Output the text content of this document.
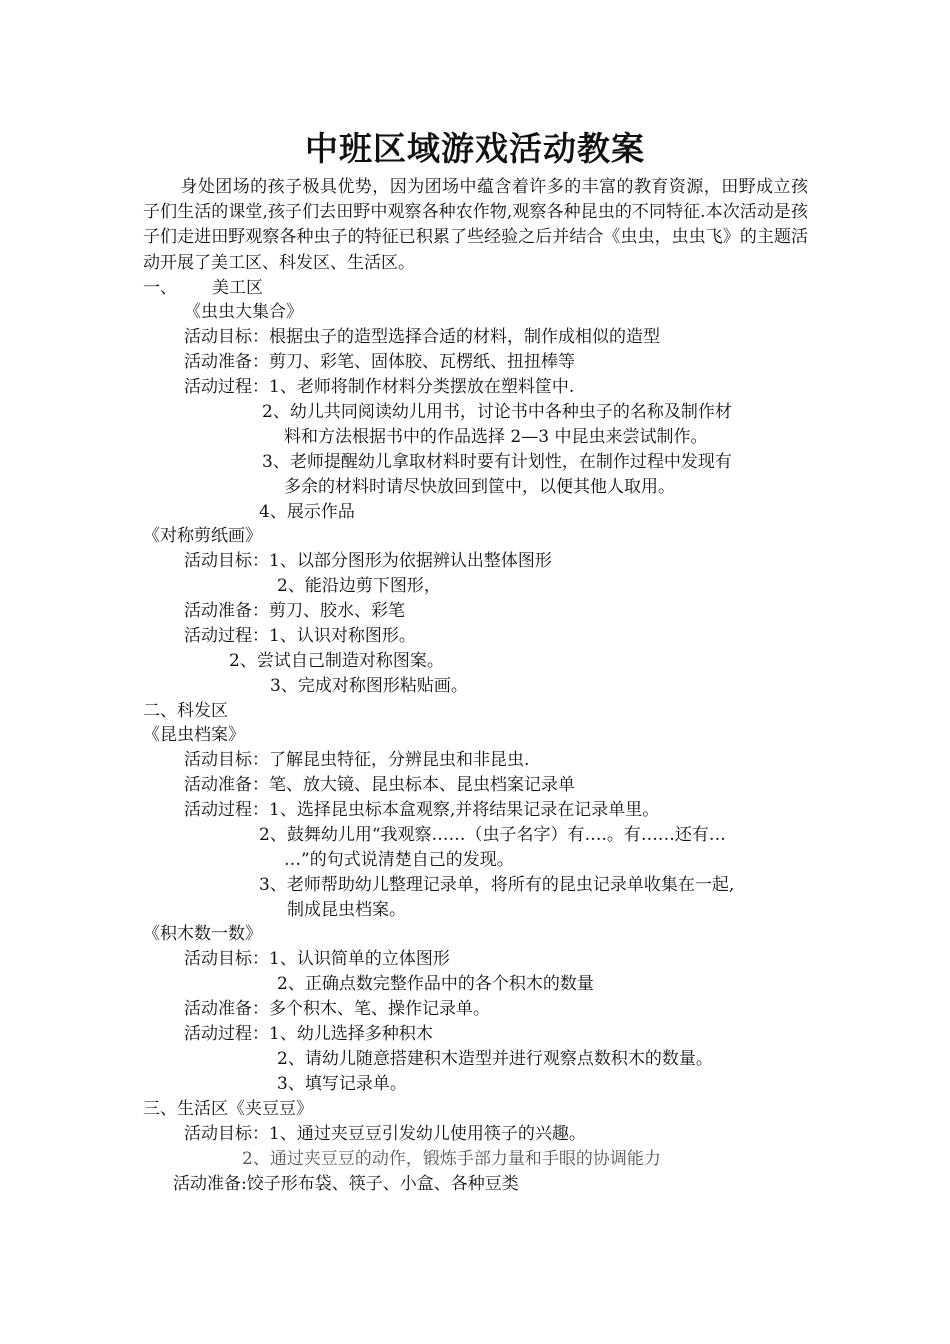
中班区域游戏活动教案
身处团场的孩子极具优势，因为团场中蕴含着许多的丰富的教育资源，田野成立孩子们生活的课堂,孩子们去田野中观察各种农作物,观察各种昆虫的不同特征.本次活动是孩子们走进田野观察各种虫子的特征已积累了些经验之后并结合《虫虫，虫虫飞》的主题活动开展了美工区、科发区、生活区。
一、 美工区
《虫虫大集合》
活动目标：根据虫子的造型选择合适的材料，制作成相似的造型
活动准备：剪刀、彩笔、固体胶、瓦楞纸、扭扭棒等
活动过程：1、老师将制作材料分类摆放在塑料筐中.
2、幼儿共同阅读幼儿用书，讨论书中各种虫子的名称及制作材
料和方法根据书中的作品选择 2—3 中昆虫来尝试制作。
3、老师提醒幼儿拿取材料时要有计划性，在制作过程中发现有
多余的材料时请尽快放回到筐中，以便其他人取用。
4、展示作品
《对称剪纸画》
活动目标：1、以部分图形为依据辨认出整体图形
2、能沿边剪下图形，
活动准备：剪刀、胶水、彩笔
活动过程：1、认识对称图形。
2、尝试自己制造对称图案。
3、完成对称图形粘贴画。
二、科发区
《昆虫档案》
活动目标：了解昆虫特征，分辨昆虫和非昆虫.
活动准备：笔、放大镜、昆虫标本、昆虫档案记录单
活动过程：1、选择昆虫标本盒观察,并将结果记录在记录单里。
2、鼓舞幼儿用“我观察……（虫子名字）有….。有……还有…
…”的句式说清楚自己的发现。
3、老师帮助幼儿整理记录单，将所有的昆虫记录单收集在一起,
制成昆虫档案。
《积木数一数》
活动目标：1、认识简单的立体图形
2、正确点数完整作品中的各个积木的数量
活动准备：多个积木、笔、操作记录单。
活动过程：1、幼儿选择多种积木
2、请幼儿随意搭建积木造型并进行观察点数积木的数量。
3、填写记录单。
三、生活区《夹豆豆》
活动目标：1、通过夹豆豆引发幼儿使用筷子的兴趣。
2、通过夹豆豆的动作，锻炼手部力量和手眼的协调能力
活动准备:饺子形布袋、筷子、小盒、各种豆类
